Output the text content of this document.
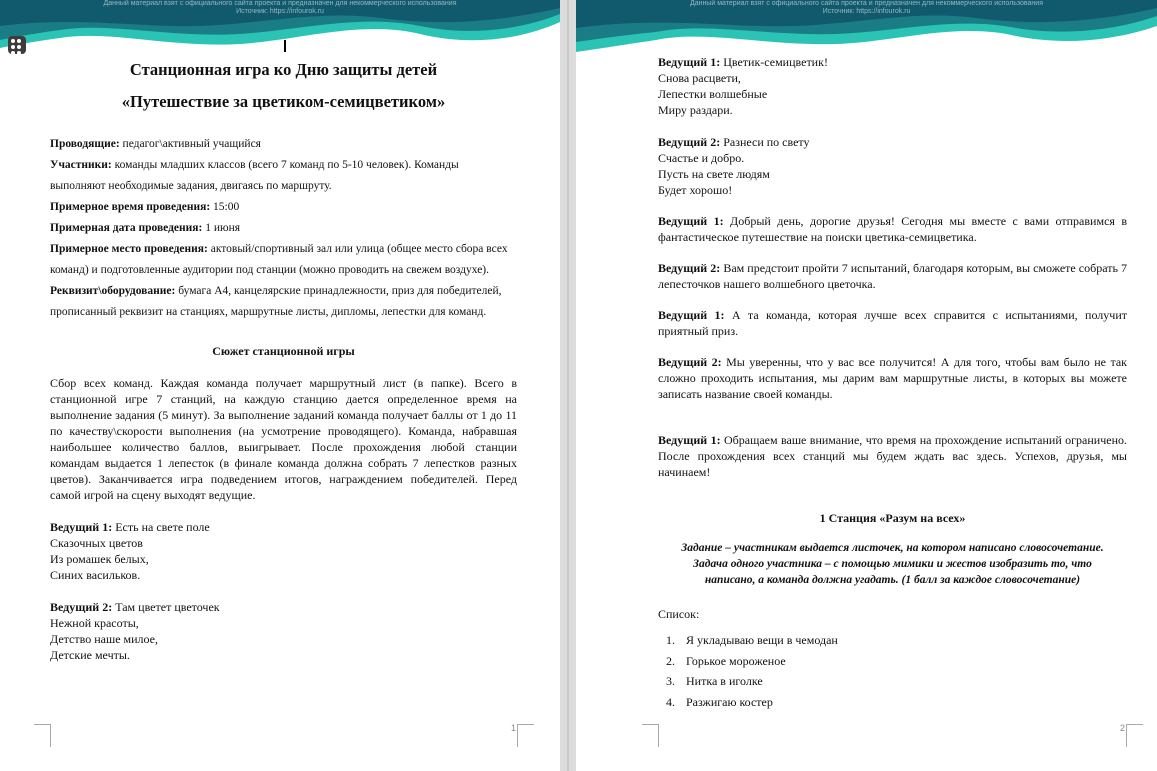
Данный материал взят с официального сайта проекта и предназначен для некоммерческого использования
Источник: https://infourok.ru

Станционная игра ко Дню защиты детей

«Путешествие за цветиком-семицветиком»

Проводящие: педагог\активный учащийся

Участники: команды младших классов (всего 7 команд по 5-10 человек). Команды выполняют необходимые задания, двигаясь по маршруту.

Примерное время проведения: 15:00

Примерная дата проведения: 1 июня

Примерное место проведения: актовый/спортивный зал или улица (общее место сбора всех команд) и подготовленные аудитории под станции (можно проводить на свежем воздухе).

Реквизит\оборудование: бумага А4, канцелярские принадлежности, приз для победителей, прописанный реквизит на станциях, маршрутные листы, дипломы, лепестки для команд.

Сюжет станционной игры

Сбор всех команд. Каждая команда получает маршрутный лист (в папке). Всего в станционной игре 7 станций, на каждую станцию дается определенное время на выполнение задания (5 минут). За выполнение заданий команда получает баллы от 1 до 11 по качеству\скорости выполнения (на усмотрение проводящего). Команда, набравшая наибольшее количество баллов, выигрывает. После прохождения любой станции командам выдается 1 лепесток (в финале команда должна собрать 7 лепестков разных цветов). Заканчивается игра подведением итогов, награждением победителей. Перед самой игрой на сцену выходят ведущие.

Ведущий 1: Есть на свете поле

Сказочных цветов

Из ромашек белых,

Синих васильков.

Ведущий 2: Там цветет цветочек

Нежной красоты,

Детство наше милое,

Детские мечты.

1
Данный материал взят с официального сайта проекта и предназначен для некоммерческого использования
Источник: https://infourok.ru

Ведущий 1: Цветик-семицветик!

Снова расцвети,

Лепестки волшебные

Миру раздари.

Ведущий 2: Разнеси по свету

Счастье и добро.

Пусть на свете людям

Будет хорошо!

Ведущий 1: Добрый день, дорогие друзья! Сегодня мы вместе с вами отправимся в фантастическое путешествие на поиски цветика-семицветика.

Ведущий 2: Вам предстоит пройти 7 испытаний, благодаря которым, вы сможете собрать 7 лепесточков нашего волшебного цветочка.

Ведущий 1: А та команда, которая лучше всех справится с испытаниями, получит приятный приз.

Ведущий 2: Мы уверенны, что у вас все получится! А для того, чтобы вам было не так сложно проходить испытания, мы дарим вам маршрутные листы, в которых вы можете записать название своей команды.

Ведущий 1: Обращаем ваше внимание, что время на прохождение испытаний ограничено. После прохождения всех станций мы будем ждать вас здесь. Успехов, друзья, мы начинаем!

1 Станция «Разум на всех»

Задание – участникам выдается листочек, на котором написано словосочетание. Задача одного участника – с помощью мимики и жестов изобразить то, что написано, а команда должна угадать. (1 балл за каждое словосочетание)

Список:

1. Я укладываю вещи в чемодан
2. Горькое мороженое
3. Нитка в иголке
4. Разжигаю костер
2
